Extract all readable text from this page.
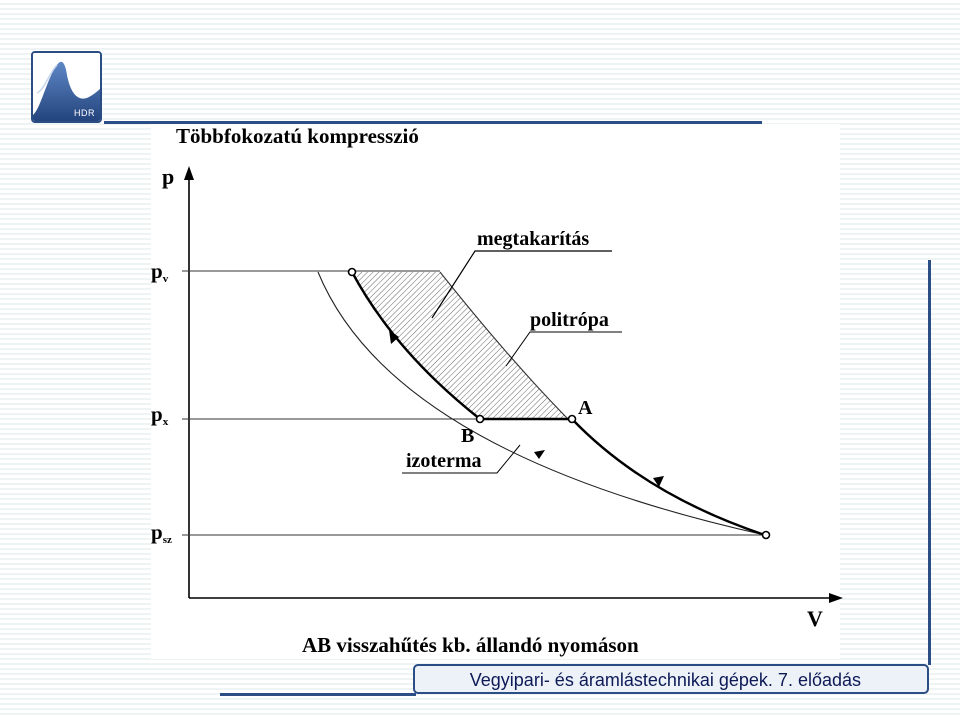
HDR
Többfokozatú kompresszió
p
V
pv
px
psz
megtakarítás
politrópa
A
B
izoterma
AB visszahűtés kb. állandó nyomáson
Vegyipari- és áramlástechnikai gépek. 7. előadás
